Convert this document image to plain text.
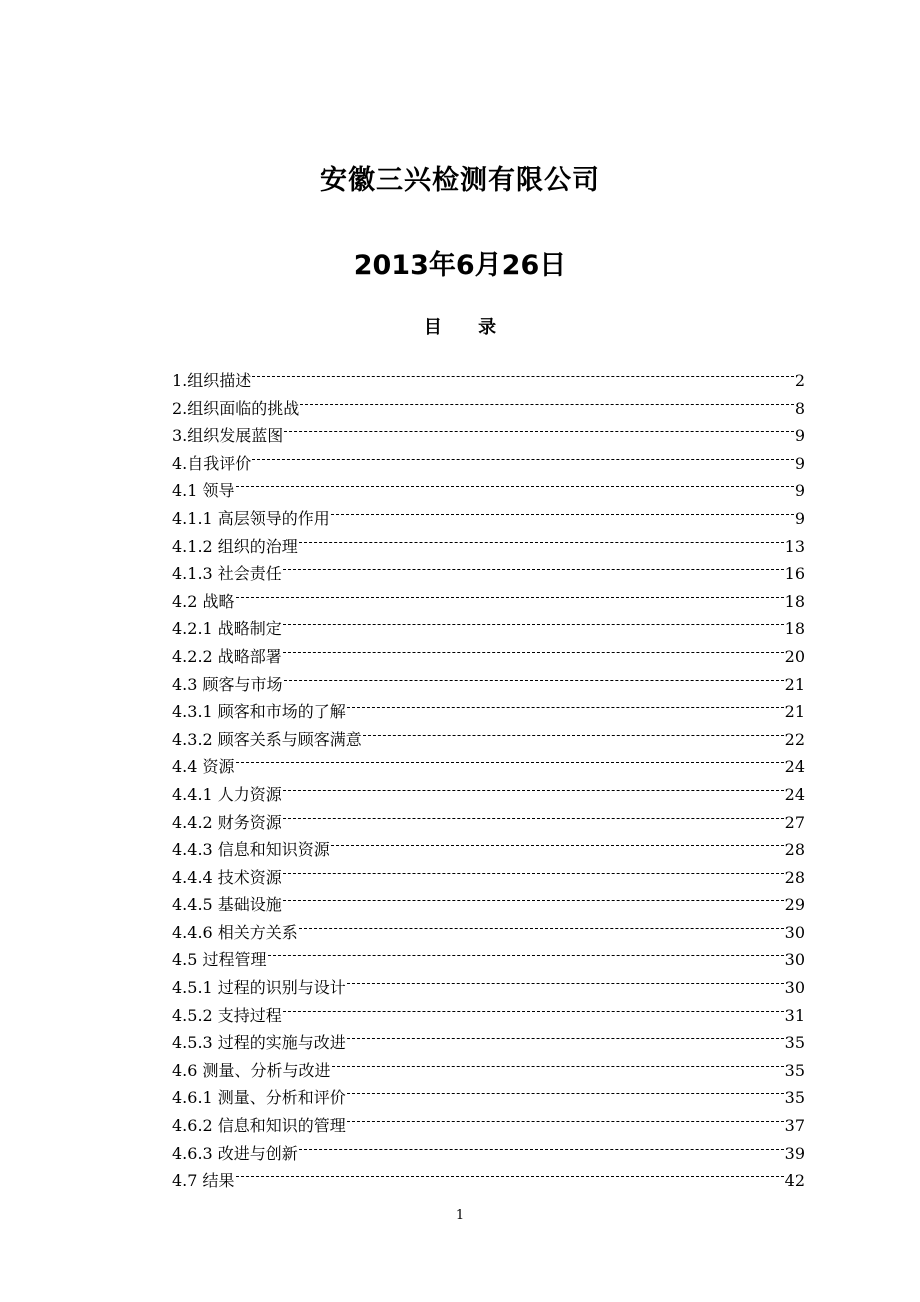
安徽三兴检测有限公司
2013年6月26日
目 录
1.组织描述	2
2.组织面临的挑战	8
3.组织发展蓝图	9
4.自我评价	9
4.1 领导	9
4.1.1 高层领导的作用	9
4.1.2 组织的治理	13
4.1.3 社会责任	16
4.2 战略	18
4.2.1 战略制定	18
4.2.2 战略部署	20
4.3 顾客与市场	21
4.3.1 顾客和市场的了解	21
4.3.2 顾客关系与顾客满意	22
4.4 资源	24
4.4.1 人力资源	24
4.4.2 财务资源	27
4.4.3 信息和知识资源	28
4.4.4 技术资源	28
4.4.5 基础设施	29
4.4.6 相关方关系	30
4.5 过程管理	30
4.5.1 过程的识别与设计	30
4.5.2 支持过程	31
4.5.3 过程的实施与改进	35
4.6 测量、分析与改进	35
4.6.1 测量、分析和评价	35
4.6.2 信息和知识的管理	37
4.6.3 改进与创新	39
4.7 结果	42
1
